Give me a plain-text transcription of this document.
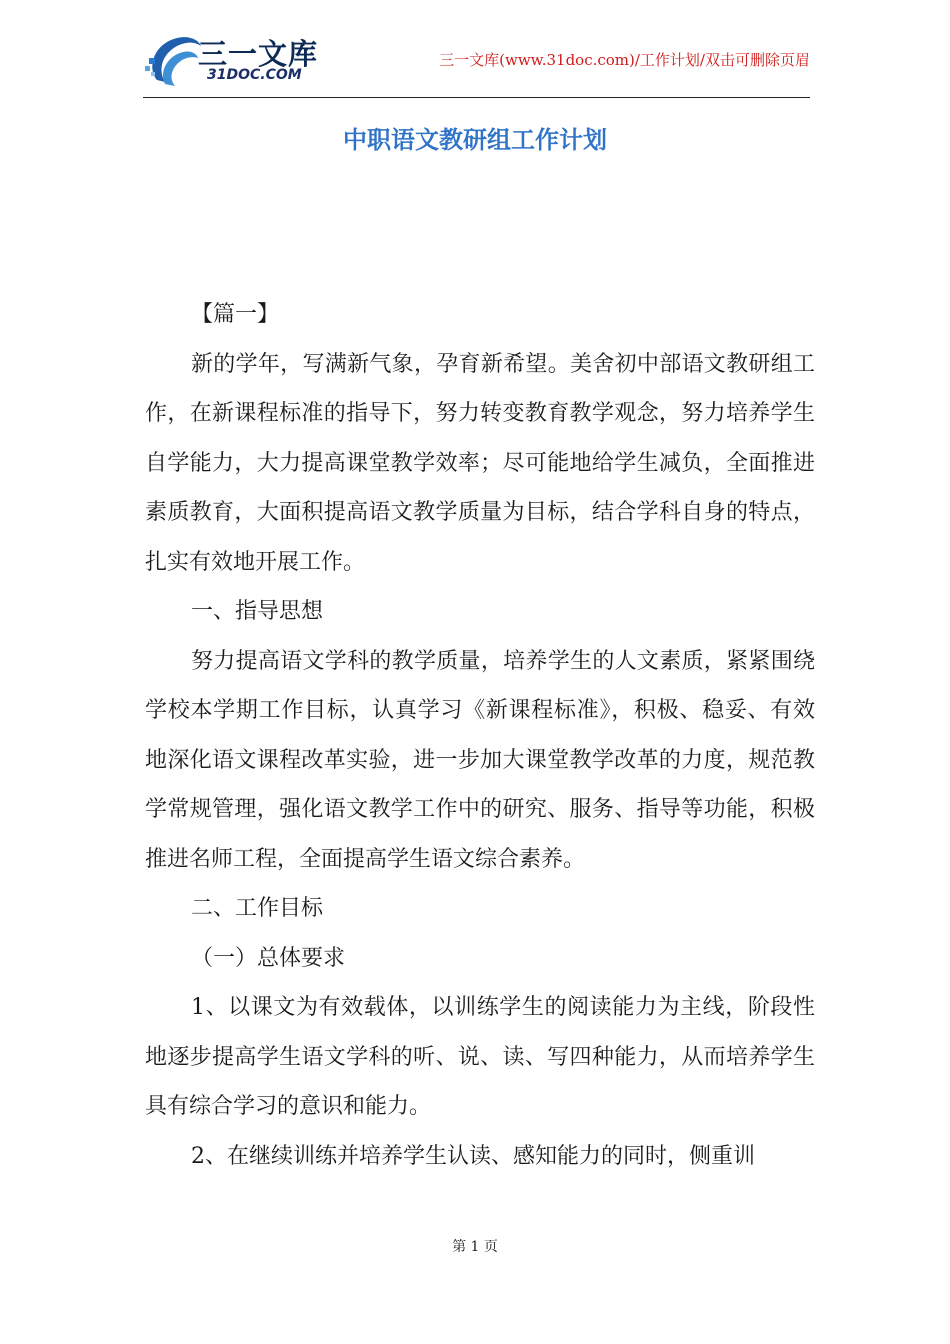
三一文库
31DOC.COM
三一文库(www.31doc.com)/工作计划/双击可删除页眉
中职语文教研组工作计划

【篇一】

新的学年，写满新气象，孕育新希望。美舍初中部语文教研组工作，在新课程标准的指导下，努力转变教育教学观念，努力培养学生自学能力，大力提高课堂教学效率；尽可能地给学生减负，全面推进素质教育，大面积提高语文教学质量为目标，结合学科自身的特点，扎实有效地开展工作。

一、指导思想

努力提高语文学科的教学质量，培养学生的人文素质，紧紧围绕学校本学期工作目标，认真学习《新课程标准》，积极、稳妥、有效地深化语文课程改革实验，进一步加大课堂教学改革的力度，规范教学常规管理，强化语文教学工作中的研究、服务、指导等功能，积极推进名师工程，全面提高学生语文综合素养。

二、工作目标

（一）总体要求

1、以课文为有效载体，以训练学生的阅读能力为主线，阶段性地逐步提高学生语文学科的听、说、读、写四种能力，从而培养学生具有综合学习的意识和能力。

2、在继续训练并培养学生认读、感知能力的同时，侧重训

第 1 页
